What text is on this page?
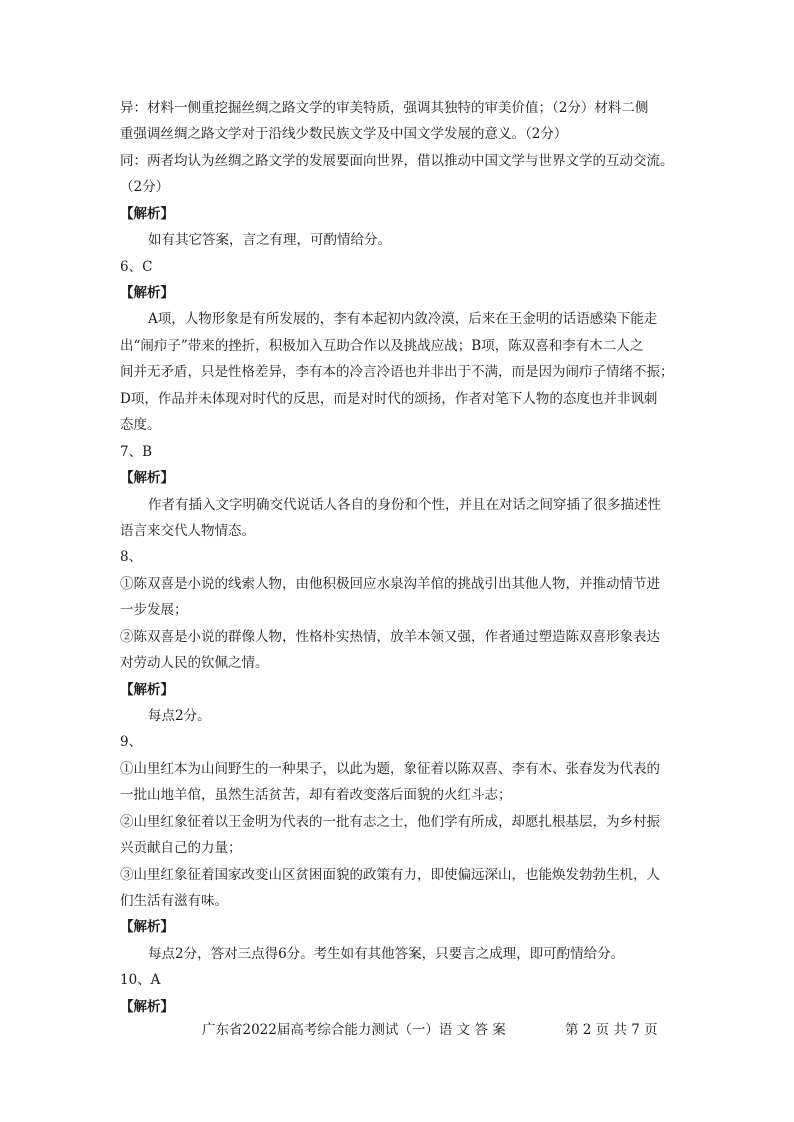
异：材料一侧重挖掘丝绸之路文学的审美特质，强调其独特的审美价值；（2分）材料二侧
重强调丝绸之路文学对于沿线少数民族文学及中国文学发展的意义。（2分）
同：两者均认为丝绸之路文学的发展要面向世界，借以推动中国文学与世界文学的互动交流。
（2分）
【解析】
如有其它答案，言之有理，可酌情给分。
6、C
【解析】
A项，人物形象是有所发展的，李有本起初内敛冷漠，后来在王金明的话语感染下能走
出“闹疖子”带来的挫折，积极加入互助合作以及挑战应战；B项，陈双喜和李有木二人之
间并无矛盾，只是性格差异，李有本的冷言冷语也并非出于不满，而是因为闹疖子情绪不振；
D项，作品并未体现对时代的反思，而是对时代的颂扬，作者对笔下人物的态度也并非讽刺
态度。
7、B
【解析】
作者有插入文字明确交代说话人各自的身份和个性，并且在对话之间穿插了很多描述性
语言来交代人物情态。
8、
①陈双喜是小说的线索人物，由他积极回应水泉沟羊倌的挑战引出其他人物，并推动情节进
一步发展；
②陈双喜是小说的群像人物，性格朴实热情，放羊本领又强，作者通过塑造陈双喜形象表达
对劳动人民的钦佩之情。
【解析】
每点2分。
9、
①山里红本为山间野生的一种果子，以此为题，象征着以陈双喜、李有木、张春发为代表的
一批山地羊倌，虽然生活贫苦，却有着改变落后面貌的火红斗志；
②山里红象征着以王金明为代表的一批有志之士，他们学有所成，却愿扎根基层，为乡村振
兴贡献自己的力量；
③山里红象征着国家改变山区贫困面貌的政策有力，即使偏远深山，也能焕发勃勃生机，人
们生活有滋有味。
【解析】
每点2分，答对三点得6分。考生如有其他答案，只要言之成理，即可酌情给分。
10、A
【解析】
广东省2022届高考综合能力测试（一）语 文 答 案	第 2 页 共 7 页
